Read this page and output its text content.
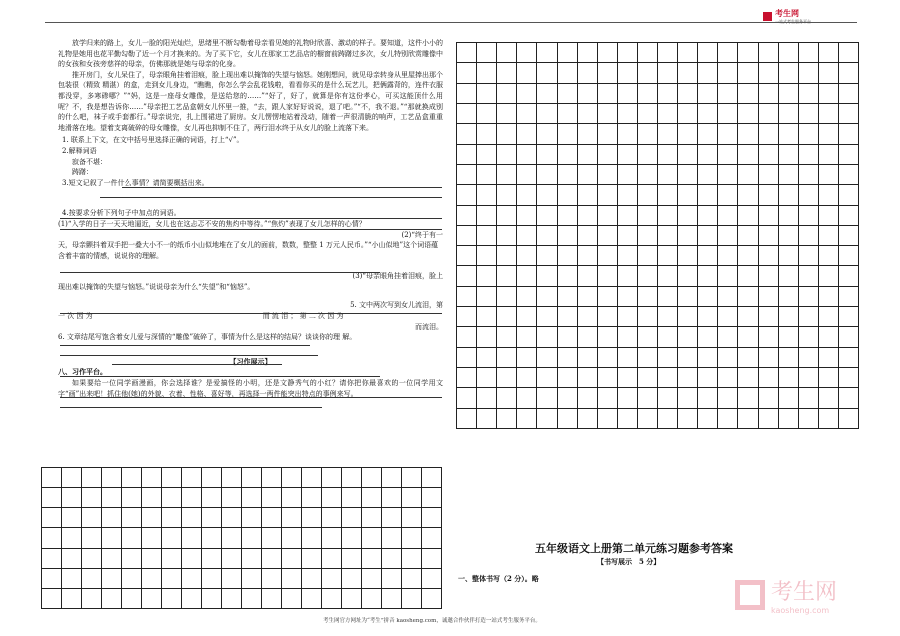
考生网
一站式考生服务平台

放学归来的路上，女儿一脸的阳光灿烂，思绪里不断勾勒着母亲看见她的礼物时欣喜、激动的样子。要知道，这件小小的礼物是她用也花平勤勾勒了近一个月才换来的。为了买下它，女儿在那家工艺品店的橱窗前踌躇过多次，女儿特别欣赏雕像中的女孩和女孩旁慈祥的母亲，仿佛那就是她与母亲的化身。

推开房门，女儿呆住了，母亲眼角挂着泪痕，脸上现出难以掩饰的失望与恼怒。她刚想问，就见母亲转身从里屋捧出那个包装很（精致 精湛）的盒，走到女儿身边，“瞧瞧，你怎么学会乱花钱啦，看看你买的是什么玩艺儿，把俩露背的，连件衣服都没穿，多寒碜哪？”“妈，这是一座母女雕像，是送给您的……”“好了，好了，就算是你有这份孝心，可买这能顶什么用呢？不，我是想告诉你……”母亲把工艺品盒朝女儿怀里一推，“去，跟人家好好说说，退了吧。”“不，我不退。”“那就换成别的什么吧，袜子或手套都行。”母亲说完，扎上围裙进了厨房。女儿愣愣地站着没动，随着一声很清脆的响声，工艺品盒重重地滑落在地。望着支离破碎的母女雕像，女儿再也抑制不住了，两行泪水终于从女儿的脸上流落下来。

1. 联系上下文，在文中括号里选择正确的词语，打上“√”。

2.解释词语

寂备不堪：

踌躇：

3.短文记叙了一件什么事情？请简要概括出来。

4.按要求分析下列句子中加点的词语。

(1)“入学的日子一天天地逼近，女儿也在这忐忑不安的焦灼中等待。”“焦灼”表现了女儿怎样的心情？

(2)“终于有一

天，母亲颤抖着双手把一叠大小不一的纸币小山似地堆在了女儿的面前，数数，整整 1 万元人民币。”“小山似地”这个词语蕴含着丰富的情感，说说你的理解。

(3)“母亲眼角挂着泪痕，脸上

现出难以掩饰的失望与恼怒。”说说母亲为什么“失望”和“恼怒”。

5. 文中两次写到女儿流泪，第

一 次 因 为	而 流 泪 ； 第 二 次 因 为

而流泪。

6. 文章结尾写饱含着女儿爱与深情的“雕像”破碎了，事情为什么是这样的结局？谈谈你的理 解。

【习作展示】

八、习作平台。

如果要给一位同学画漫画，你会选择谁？是爱搞怪的小明，还是文静秀气的小红？请你把你最喜欢的一位同学用文字“画”出来吧！抓住他(她)的外貌、衣着、性格、喜好等，再选择一两件能突出特点的事例来写。

五年级语文上册第二单元练习题参考答案
【书写展示　5 分】
一、整体书写（2 分）。略
考生网
kaosheng.com
考生网官方网址为“考生”拼音 kaosheng.com，诚邀合作伙伴打造一站式考生服务平台。
